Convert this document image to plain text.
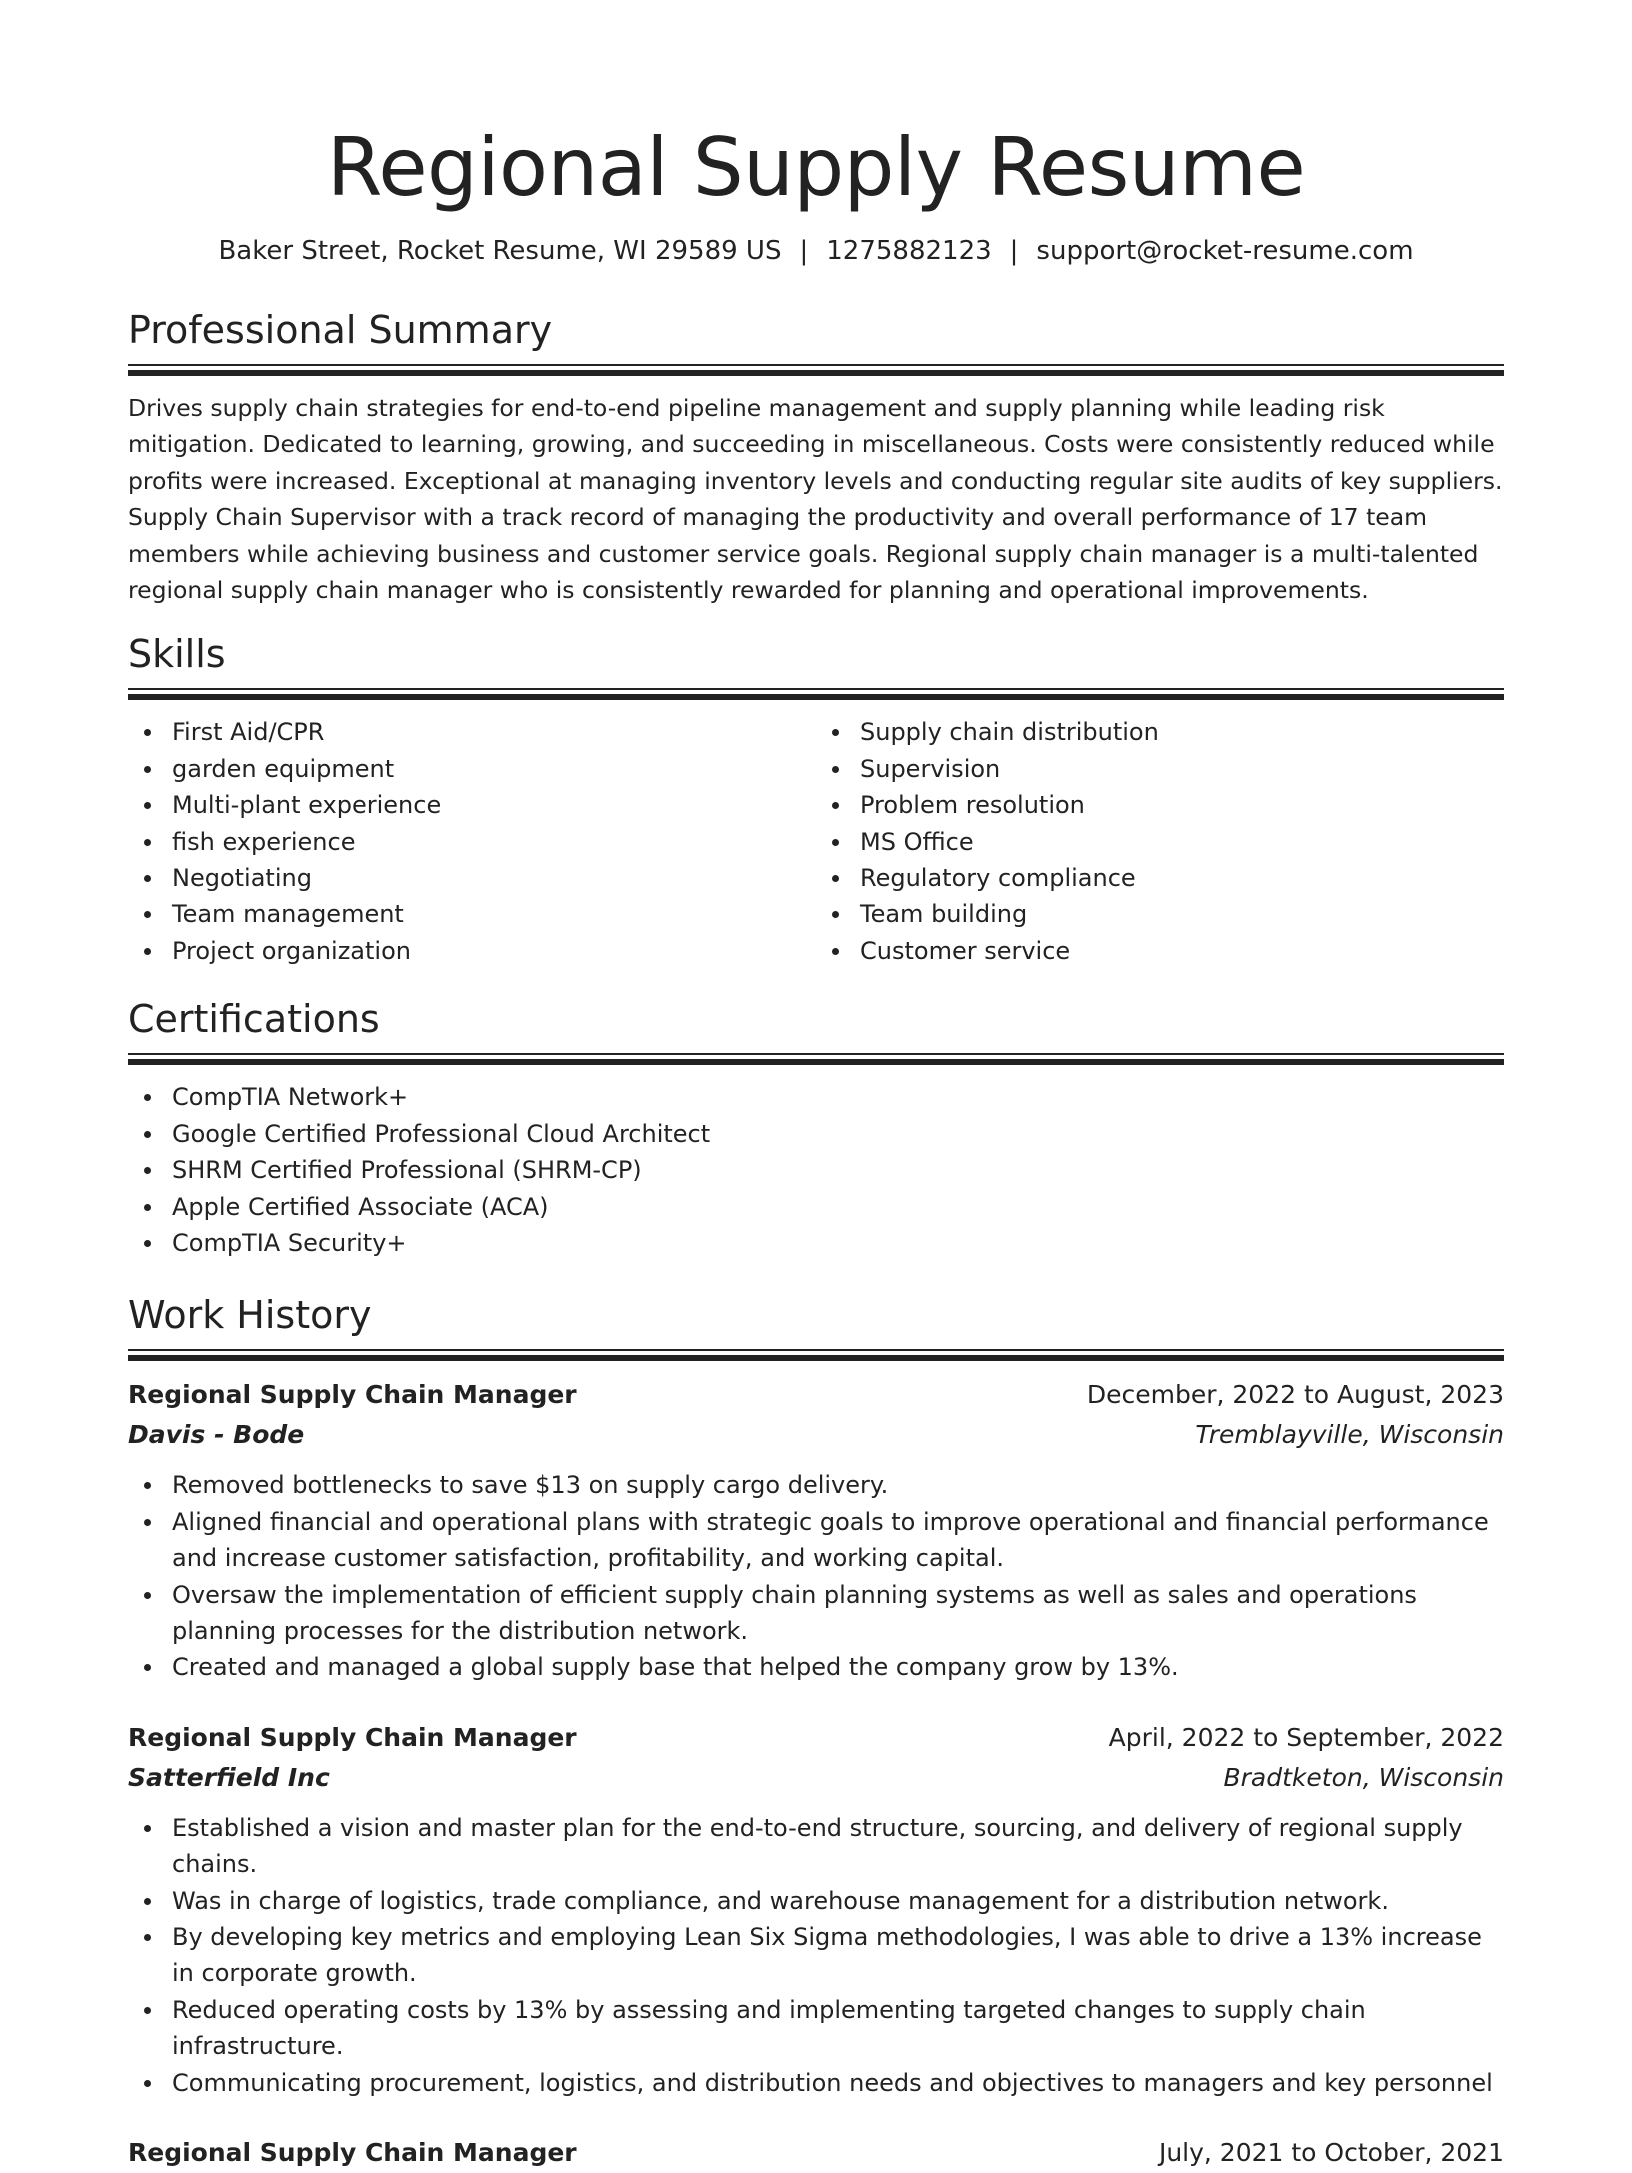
Regional Supply Resume
Baker Street, Rocket Resume, WI 29589 US | 1275882123 | support@rocket-resume.com
Professional Summary

Drives supply chain strategies for end-to-end pipeline management and supply planning while leading risk mitigation. Dedicated to learning, growing, and succeeding in miscellaneous. Costs were consistently reduced while profits were increased. Exceptional at managing inventory levels and conducting regular site audits of key suppliers. Supply Chain Supervisor with a track record of managing the productivity and overall performance of 17 team members while achieving business and customer service goals. Regional supply chain manager is a multi-talented regional supply chain manager who is consistently rewarded for planning and operational improvements.

Skills
First Aid/CPR
garden equipment
Multi-plant experience
fish experience
Negotiating
Team management
Project organization
Supply chain distribution
Supervision
Problem resolution
MS Office
Regulatory compliance
Team building
Customer service
Certifications
CompTIA Network+
Google Certified Professional Cloud Architect
SHRM Certified Professional (SHRM-CP)
Apple Certified Associate (ACA)
CompTIA Security+
Work History
Regional Supply Chain Manager	December, 2022 to August, 2023
Davis - Bode	Tremblayville, Wisconsin
Removed bottlenecks to save $13 on supply cargo delivery.
Aligned financial and operational plans with strategic goals to improve operational and financial performance and increase customer satisfaction, profitability, and working capital.
Oversaw the implementation of efficient supply chain planning systems as well as sales and operations planning processes for the distribution network.
Created and managed a global supply base that helped the company grow by 13%.
Regional Supply Chain Manager	April, 2022 to September, 2022
Satterfield Inc	Bradtketon, Wisconsin
Established a vision and master plan for the end-to-end structure, sourcing, and delivery of regional supply chains.
Was in charge of logistics, trade compliance, and warehouse management for a distribution network.
By developing key metrics and employing Lean Six Sigma methodologies, I was able to drive a 13% increase in corporate growth.
Reduced operating costs by 13% by assessing and implementing targeted changes to supply chain infrastructure.
Communicating procurement, logistics, and distribution needs and objectives to managers and key personnel
Regional Supply Chain Manager	July, 2021 to October, 2021
